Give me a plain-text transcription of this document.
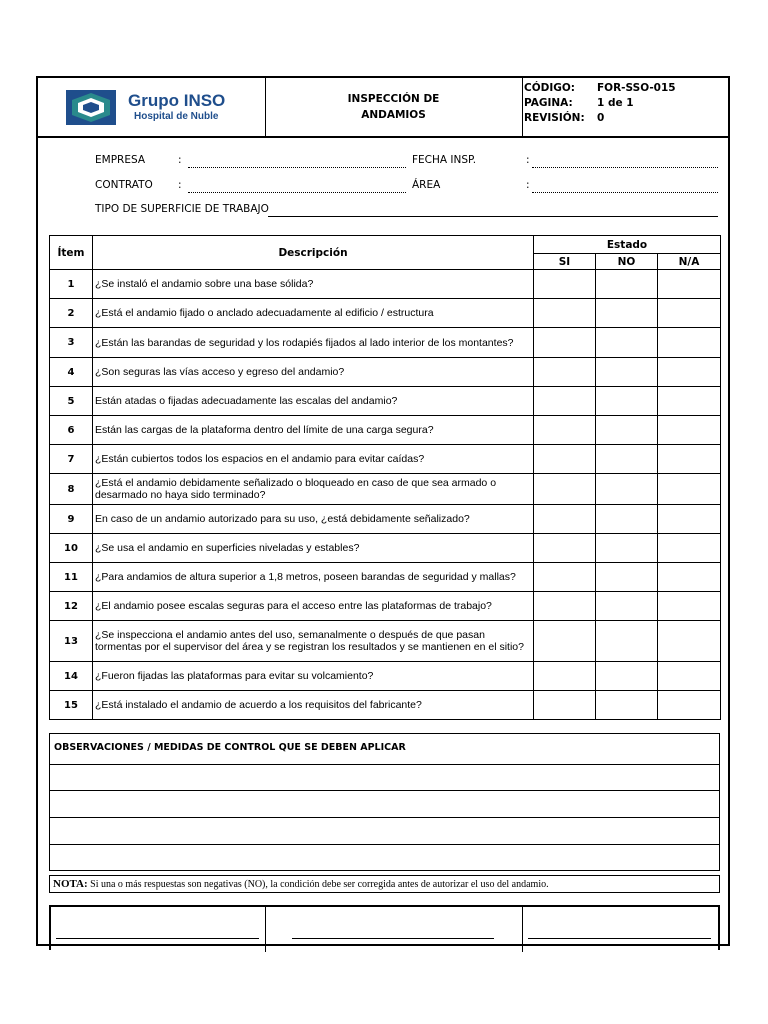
Grupo INSO
Hospital de Nuble
INSPECCIÓN DE
ANDAMIOS
CÓDIGO:	FOR-SSO-015
PAGINA:	1 de 1
REVISIÓN:	0
EMPRESA	:	FECHA INSP.	:
CONTRATO :	ÁREA	:
TIPO DE SUPERFICIE DE TRABAJO
Ítem	Descripción	Estado		
		SI	NO	N/A
1	¿Se instaló el andamio sobre una base sólida?			
2	¿Está el andamio fijado o anclado adecuadamente al edificio / estructura			
3	¿Están las barandas de seguridad y los rodapiés fijados al lado interior de los montantes?			
4	¿Son seguras las vías acceso y egreso del andamio?			
5	Están atadas o fijadas adecuadamente las escalas del andamio?			
6	Están las cargas de la plataforma dentro del límite de una carga segura?			
7	¿Están cubiertos todos los espacios en el andamio para evitar caídas?			
8	¿Está el andamio debidamente señalizado o bloqueado en caso de que sea armado o desarmado no haya sido terminado?			
9	En caso de un andamio autorizado para su uso, ¿está debidamente señalizado?			
10	¿Se usa el andamio en superficies niveladas y estables?			
11	¿Para andamios de altura superior a 1,8 metros, poseen barandas de seguridad y mallas?			
12	¿El andamio posee escalas seguras para el acceso entre las plataformas de trabajo?			
13	¿Se inspecciona el andamio antes del uso, semanalmente o después de que pasan tormentas por el supervisor del área y se registran los resultados y se mantienen en el sitio?			
14	¿Fueron fijadas las plataformas para evitar su volcamiento?			
15	¿Está instalado el andamio de acuerdo a los requisitos del fabricante?			
OBSERVACIONES / MEDIDAS DE CONTROL QUE SE DEBEN APLICAR
NOTA: Si una o más respuestas son negativas (NO), la condición debe ser corregida antes de autorizar el uso del andamio.
